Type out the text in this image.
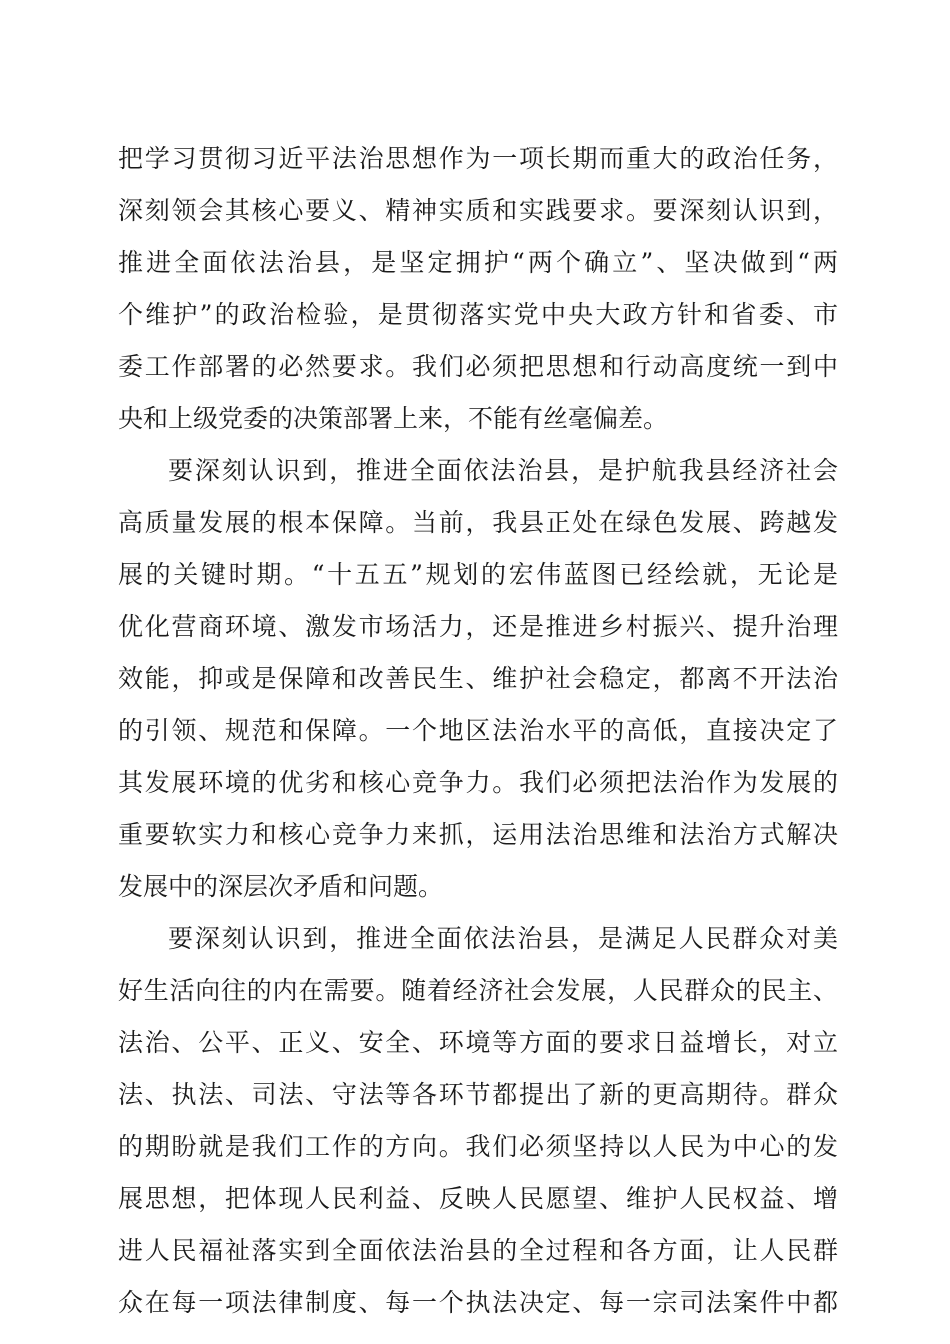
把学习贯彻习近平法治思想作为一项长期而重大的政治任务，
深刻领会其核心要义、精神实质和实践要求。要深刻认识到，
推进全面依法治县，是坚定拥护“两个确立”、坚决做到“两
个维护”的政治检验，是贯彻落实党中央大政方针和省委、市
委工作部署的必然要求。我们必须把思想和行动高度统一到中
央和上级党委的决策部署上来，不能有丝毫偏差。
要深刻认识到，推进全面依法治县，是护航我县经济社会
高质量发展的根本保障。当前，我县正处在绿色发展、跨越发
展的关键时期。“十五五”规划的宏伟蓝图已经绘就，无论是
优化营商环境、激发市场活力，还是推进乡村振兴、提升治理
效能，抑或是保障和改善民生、维护社会稳定，都离不开法治
的引领、规范和保障。一个地区法治水平的高低，直接决定了
其发展环境的优劣和核心竞争力。我们必须把法治作为发展的
重要软实力和核心竞争力来抓，运用法治思维和法治方式解决
发展中的深层次矛盾和问题。
要深刻认识到，推进全面依法治县，是满足人民群众对美
好生活向往的内在需要。随着经济社会发展，人民群众的民主、
法治、公平、正义、安全、环境等方面的要求日益增长，对立
法、执法、司法、守法等各环节都提出了新的更高期待。群众
的期盼就是我们工作的方向。我们必须坚持以人民为中心的发
展思想，把体现人民利益、反映人民愿望、维护人民权益、增
进人民福祉落实到全面依法治县的全过程和各方面，让人民群
众在每一项法律制度、每一个执法决定、每一宗司法案件中都
